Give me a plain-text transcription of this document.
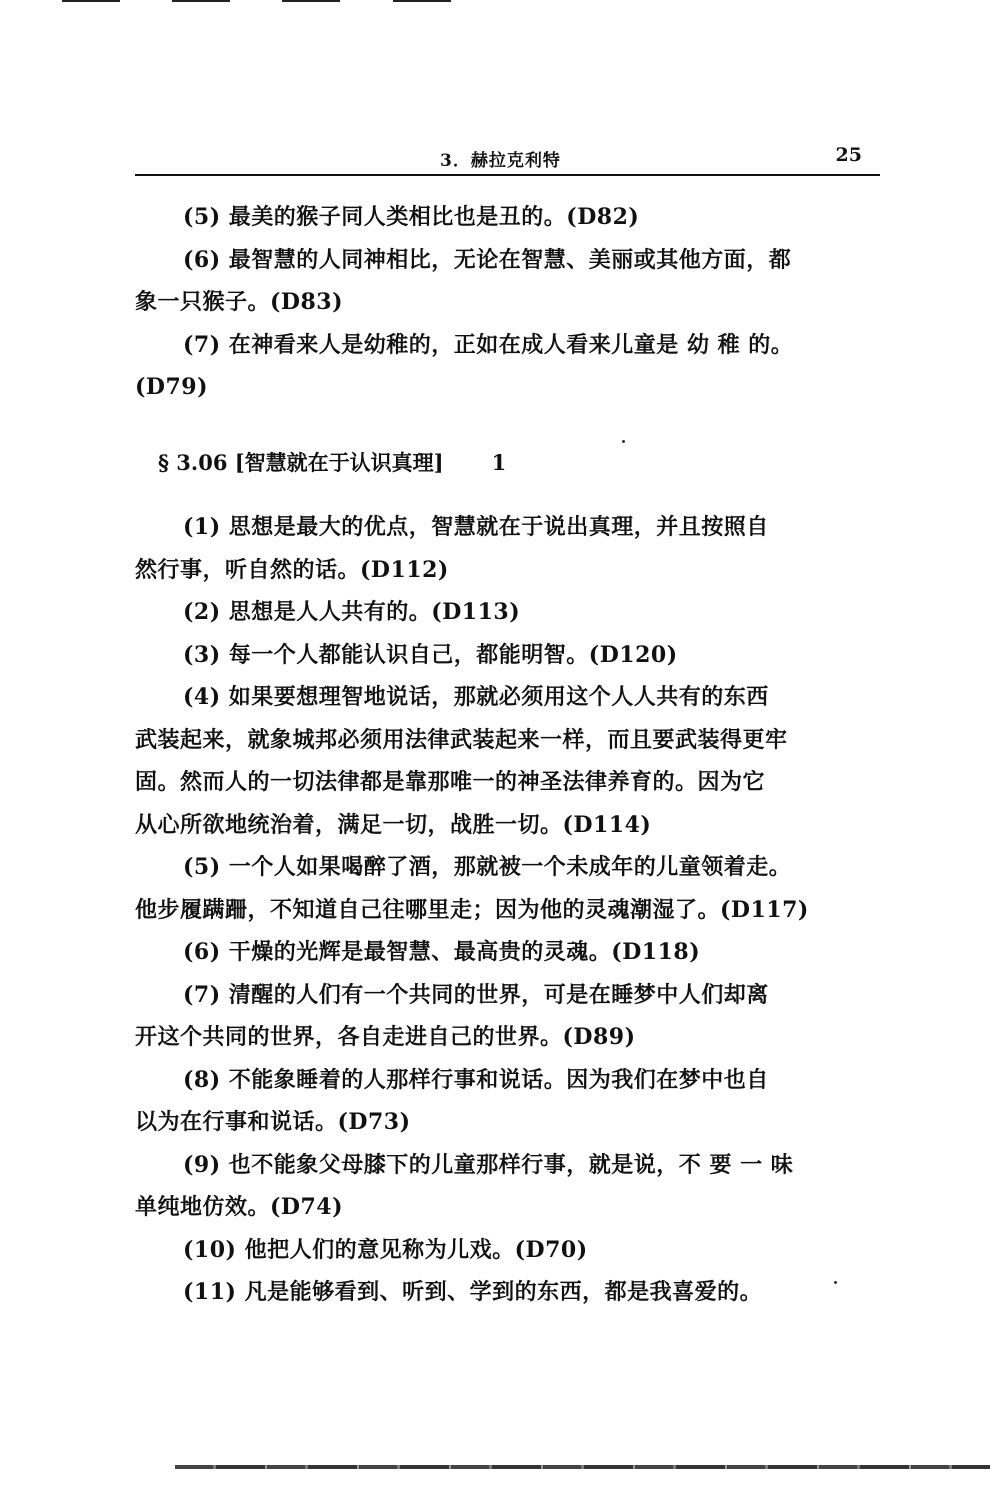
3．赫拉克利特	25
(5) 最美的猴子同人类相比也是丑的。(D82)
(6) 最智慧的人同神相比，无论在智慧、美丽或其他方面，都
象一只猴子。(D83)
(7) 在神看来人是幼稚的，正如在成人看来儿童是 幼 稚 的。
(D79)
§ 3.06 [智慧就在于认识真理] 1
(1) 思想是最大的优点，智慧就在于说出真理，并且按照自
然行事，听自然的话。(D112)
(2) 思想是人人共有的。(D113)
(3) 每一个人都能认识自己，都能明智。(D120)
(4) 如果要想理智地说话，那就必须用这个人人共有的东西
武装起来，就象城邦必须用法律武装起来一样，而且要武装得更牢
固。然而人的一切法律都是靠那唯一的神圣法律养育的。因为它
从心所欲地统治着，满足一切，战胜一切。(D114)
(5) 一个人如果喝醉了酒，那就被一个未成年的儿童领着走。
他步履蹒跚，不知道自己往哪里走；因为他的灵魂潮湿了。(D117)
(6) 干燥的光辉是最智慧、最高贵的灵魂。(D118)
(7) 清醒的人们有一个共同的世界，可是在睡梦中人们却离
开这个共同的世界，各自走进自己的世界。(D89)
(8) 不能象睡着的人那样行事和说话。因为我们在梦中也自
以为在行事和说话。(D73)
(9) 也不能象父母膝下的儿童那样行事，就是说，不 要 一 味
单纯地仿效。(D74)
(10) 他把人们的意见称为儿戏。(D70)
(11) 凡是能够看到、听到、学到的东西，都是我喜爱的。
